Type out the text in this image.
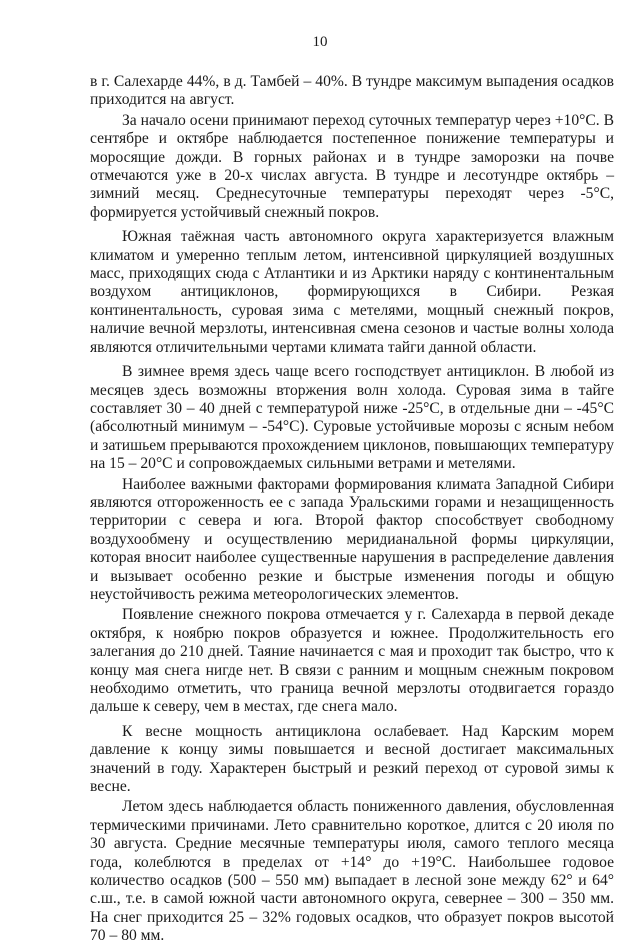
10

в г. Салехарде 44%, в д. Тамбей – 40%. В тундре максимум выпадения осадков приходится на август.

За начало осени принимают переход суточных температур через +10°С. В сентябре и октябре наблюдается постепенное понижение температуры и моросящие дожди. В горных районах и в тундре заморозки на почве отмечаются уже в 20-х числах августа. В тундре и лесотундре октябрь – зимний месяц. Среднесуточные температуры переходят через -5°С, формируется устойчивый снежный покров.

Южная таёжная часть автономного округа характеризуется влажным климатом и умеренно теплым летом, интенсивной циркуляцией воздушных масс, приходящих сюда с Атлантики и из Арктики наряду с континентальным воздухом антициклонов, формирующихся в Сибири. Резкая континентальность, суровая зима с метелями, мощный снежный покров, наличие вечной мерзлоты, интенсивная смена сезонов и частые волны холода являются отличительными чертами климата тайги данной области.

В зимнее время здесь чаще всего господствует антициклон. В любой из месяцев здесь возможны вторжения волн холода. Суровая зима в тайге составляет 30 – 40 дней с температурой ниже -25°С, в отдельные дни – -45°С (абсолютный минимум – -54°С). Суровые устойчивые морозы с ясным небом и затишьем прерываются прохождением циклонов, повышающих температуру на 15 – 20°С и сопровождаемых сильными ветрами и метелями.

Наиболее важными факторами формирования климата Западной Сибири являются отгороженность ее с запада Уральскими горами и незащищенность территории с севера и юга. Второй фактор способствует свободному воздухообмену и осуществлению меридианальной формы циркуляции, которая вносит наиболее существенные нарушения в распределение давления и вызывает особенно резкие и быстрые изменения погоды и общую неустойчивость режима метеорологических элементов.

Появление снежного покрова отмечается у г. Салехарда в первой декаде октября, к ноябрю покров образуется и южнее. Продолжительность его залегания до 210 дней. Таяние начинается с мая и проходит так быстро, что к концу мая снега нигде нет. В связи с ранним и мощным снежным покровом необходимо отметить, что граница вечной мерзлоты отодвигается гораздо дальше к северу, чем в местах, где снега мало.

К весне мощность антициклона ослабевает. Над Карским морем давление к концу зимы повышается и весной достигает максимальных значений в году. Характерен быстрый и резкий переход от суровой зимы к весне.

Летом здесь наблюдается область пониженного давления, обусловленная термическими причинами. Лето сравнительно короткое, длится с 20 июля по 30 августа. Средние месячные температуры июля, самого теплого месяца года, колеблются в пределах от +14° до +19°С. Наибольшее годовое количество осадков (500 – 550 мм) выпадает в лесной зоне между 62° и 64° с.ш., т.е. в самой южной части автономного округа, севернее – 300 – 350 мм. На снег приходится 25 – 32% годовых осадков, что образует покров высотой 70 – 80 мм.
